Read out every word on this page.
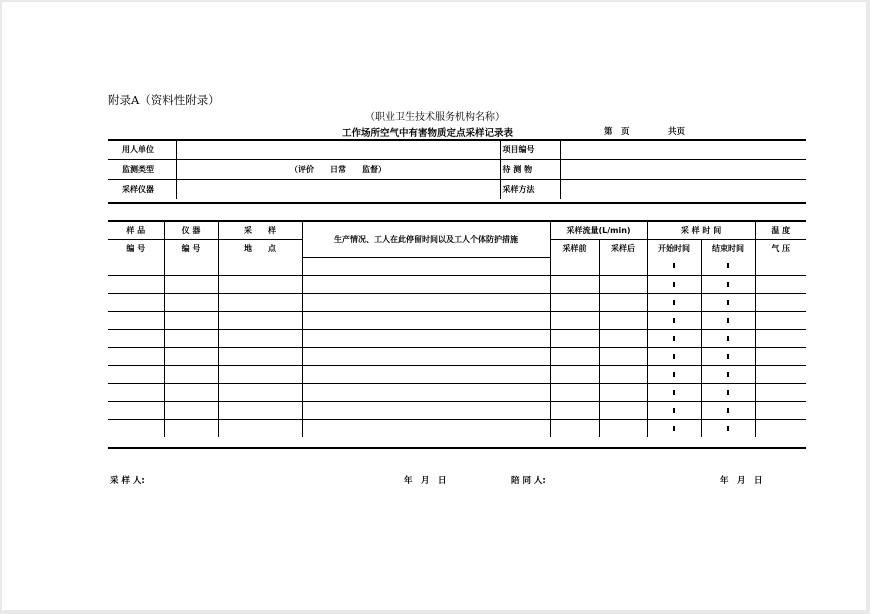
附录A（资料性附录）
（职业卫生技术服务机构名称）
工作场所空气中有害物质定点采样记录表	第　页	共页
用人单位		项目编号	
监测类型	（评价　　日常　　监督）	待 测 物	
采样仪器		采样方法	
样 品	仪 器	采　　样	生产情况、工人在此停留时间以及工人个体防护措施	采样流量(L/min)		采 样 时 间		温 度
编 号	编 号	地　　点		采样前	采样后	开始时间	结束时间	气 压

采 样 人:	年　月　日	陪 同 人:	年　月　日
